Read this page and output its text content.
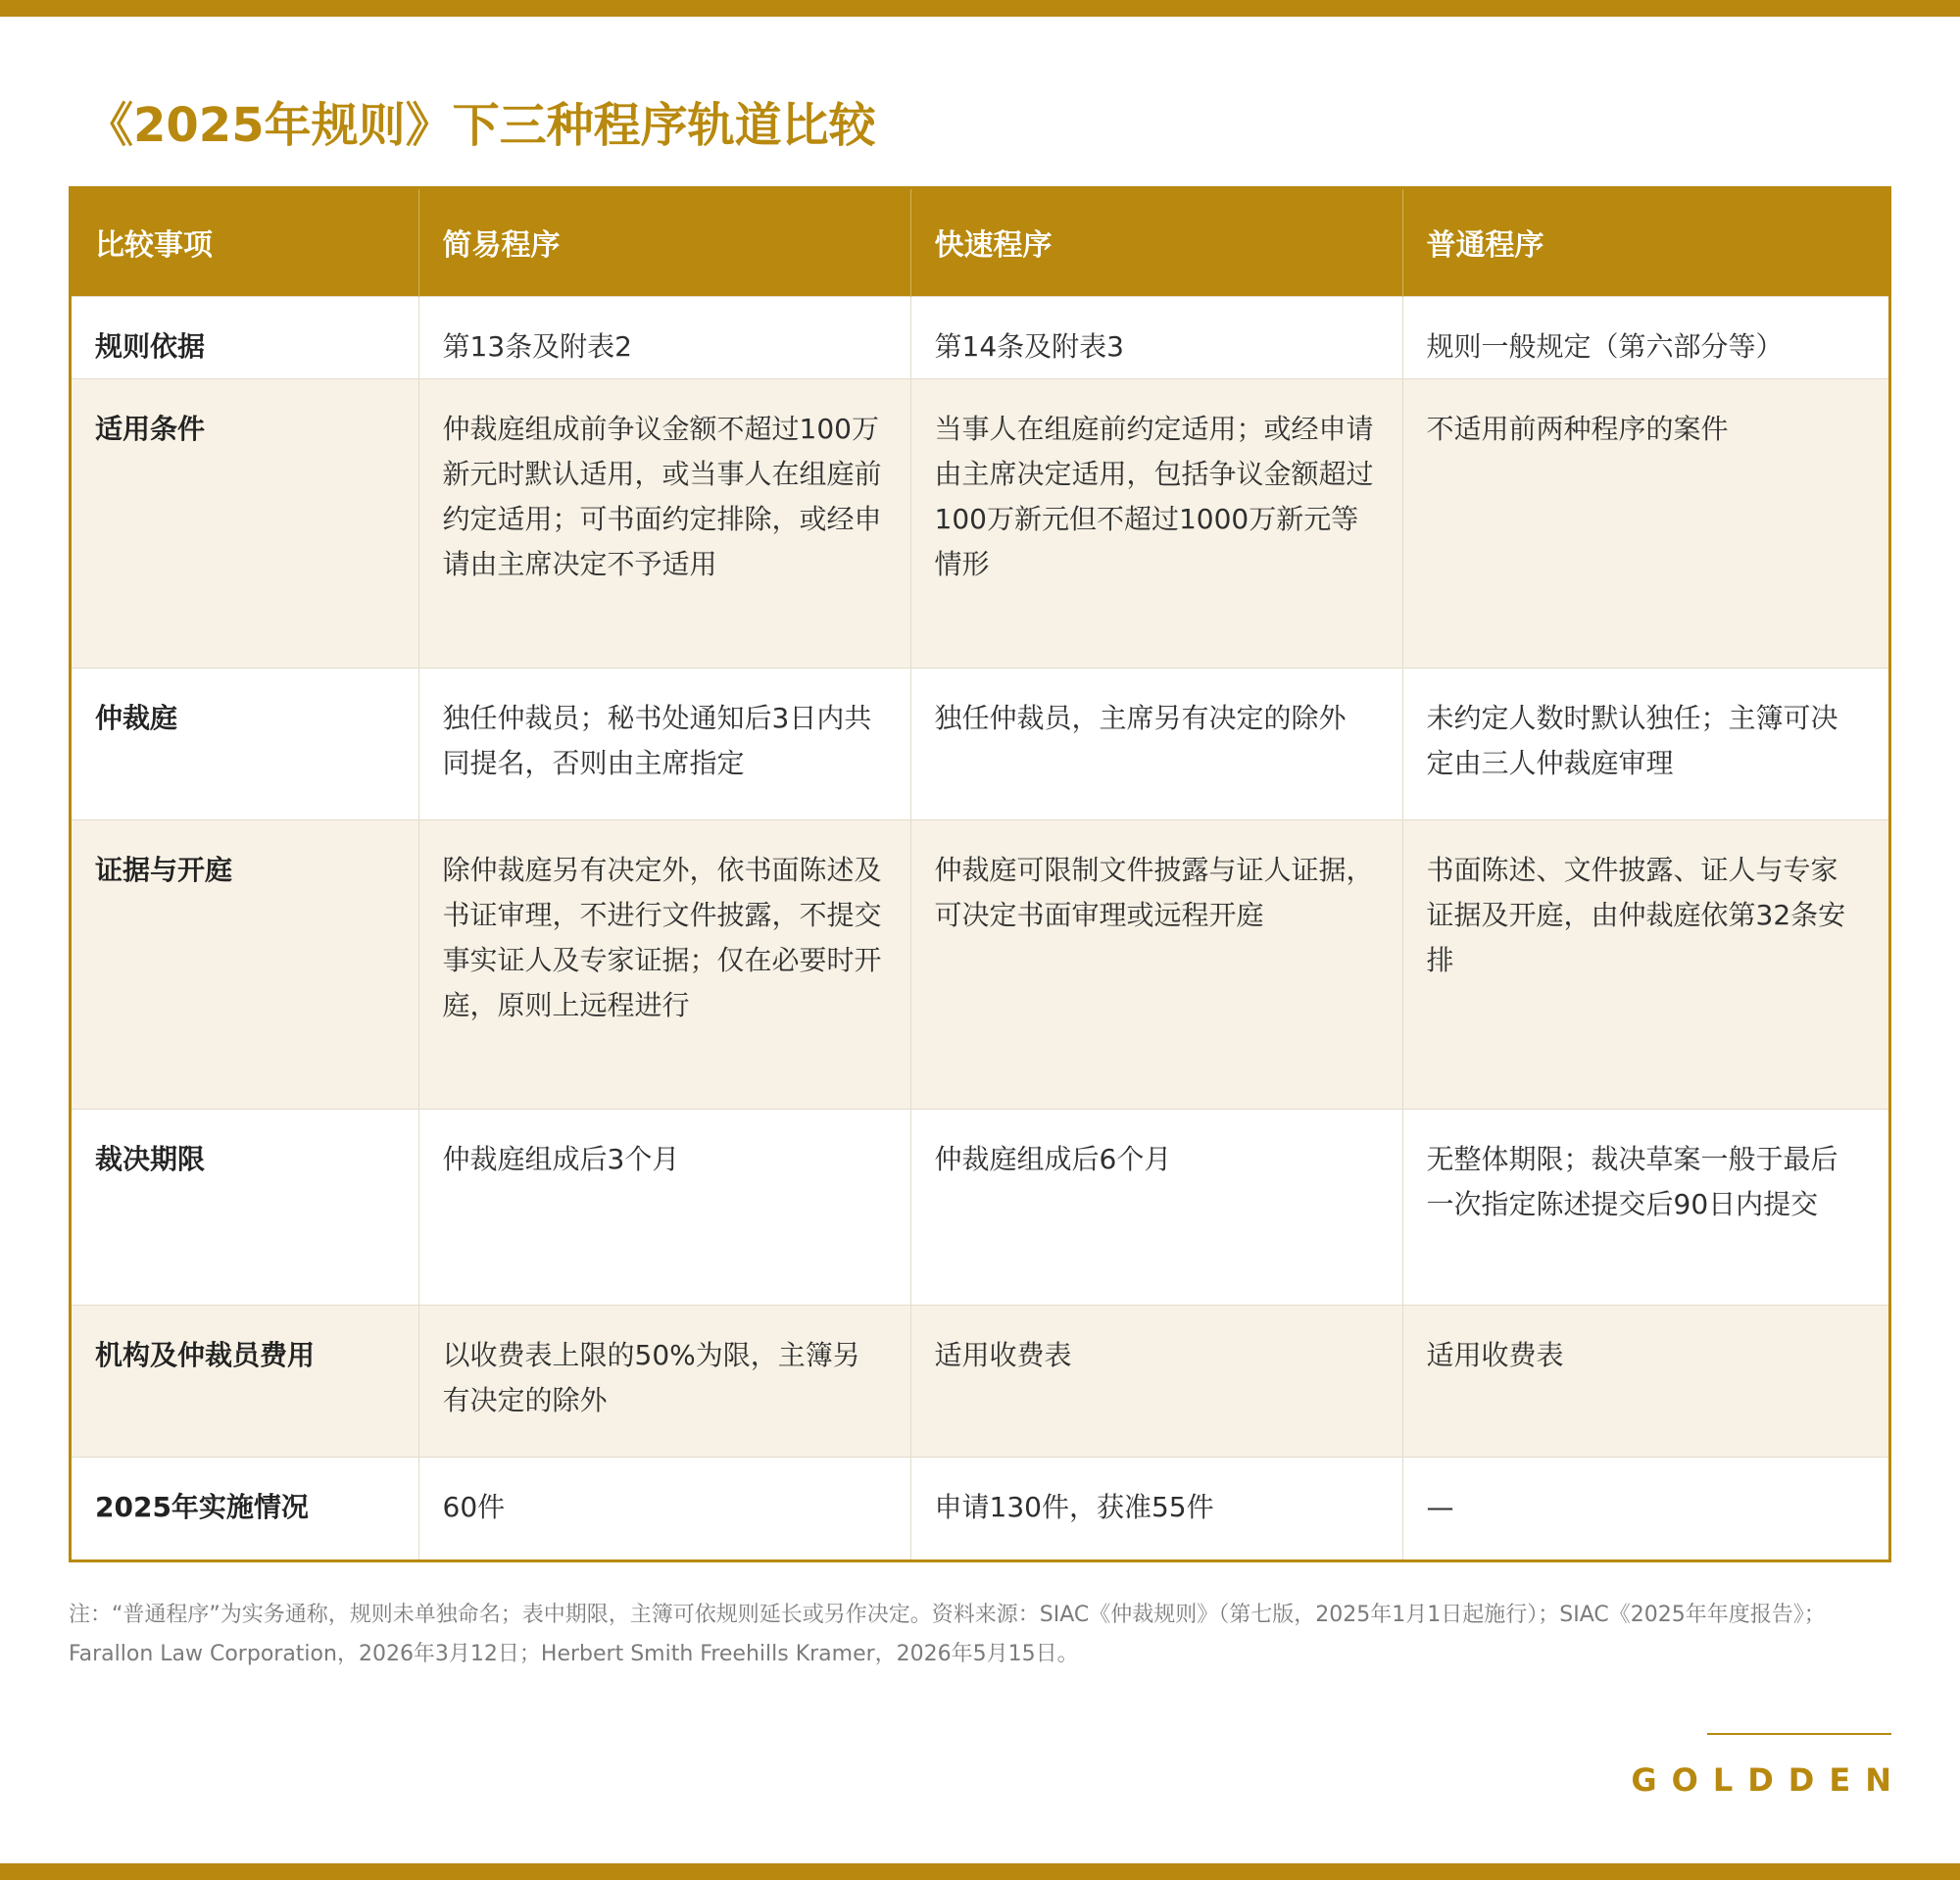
《2025年规则》下三种程序轨道比较
比较事项	简易程序	快速程序	普通程序
规则依据	第13条及附表2	第14条及附表3	规则一般规定（第六部分等）
适用条件	仲裁庭组成前争议金额不超过100万新元时默认适用，或当事人在组庭前约定适用；可书面约定排除，或经申请由主席决定不予适用	当事人在组庭前约定适用；或经申请由主席决定适用，包括争议金额超过100万新元但不超过1000万新元等情形	不适用前两种程序的案件
仲裁庭	独任仲裁员；秘书处通知后3日内共同提名，否则由主席指定	独任仲裁员，主席另有决定的除外	未约定人数时默认独任；主簿可决定由三人仲裁庭审理
证据与开庭	除仲裁庭另有决定外，依书面陈述及书证审理，不进行文件披露，不提交事实证人及专家证据；仅在必要时开庭，原则上远程进行	仲裁庭可限制文件披露与证人证据，可决定书面审理或远程开庭	书面陈述、文件披露、证人与专家证据及开庭，由仲裁庭依第32条安排
裁决期限	仲裁庭组成后3个月	仲裁庭组成后6个月	无整体期限；裁决草案一般于最后一次指定陈述提交后90日内提交
机构及仲裁员费用	以收费表上限的50%为限，主簿另有决定的除外	适用收费表	适用收费表
2025年实施情况	60件	申请130件，获准55件	—

注：“普通程序”为实务通称，规则未单独命名；表中期限，主簿可依规则延长或另作决定。资料来源：SIAC《仲裁规则》（第七版，2025年1月1日起施行）；SIAC《2025年年度报告》；Farallon Law Corporation，2026年3月12日；Herbert Smith Freehills Kramer，2026年5月15日。

GOLDDEN
